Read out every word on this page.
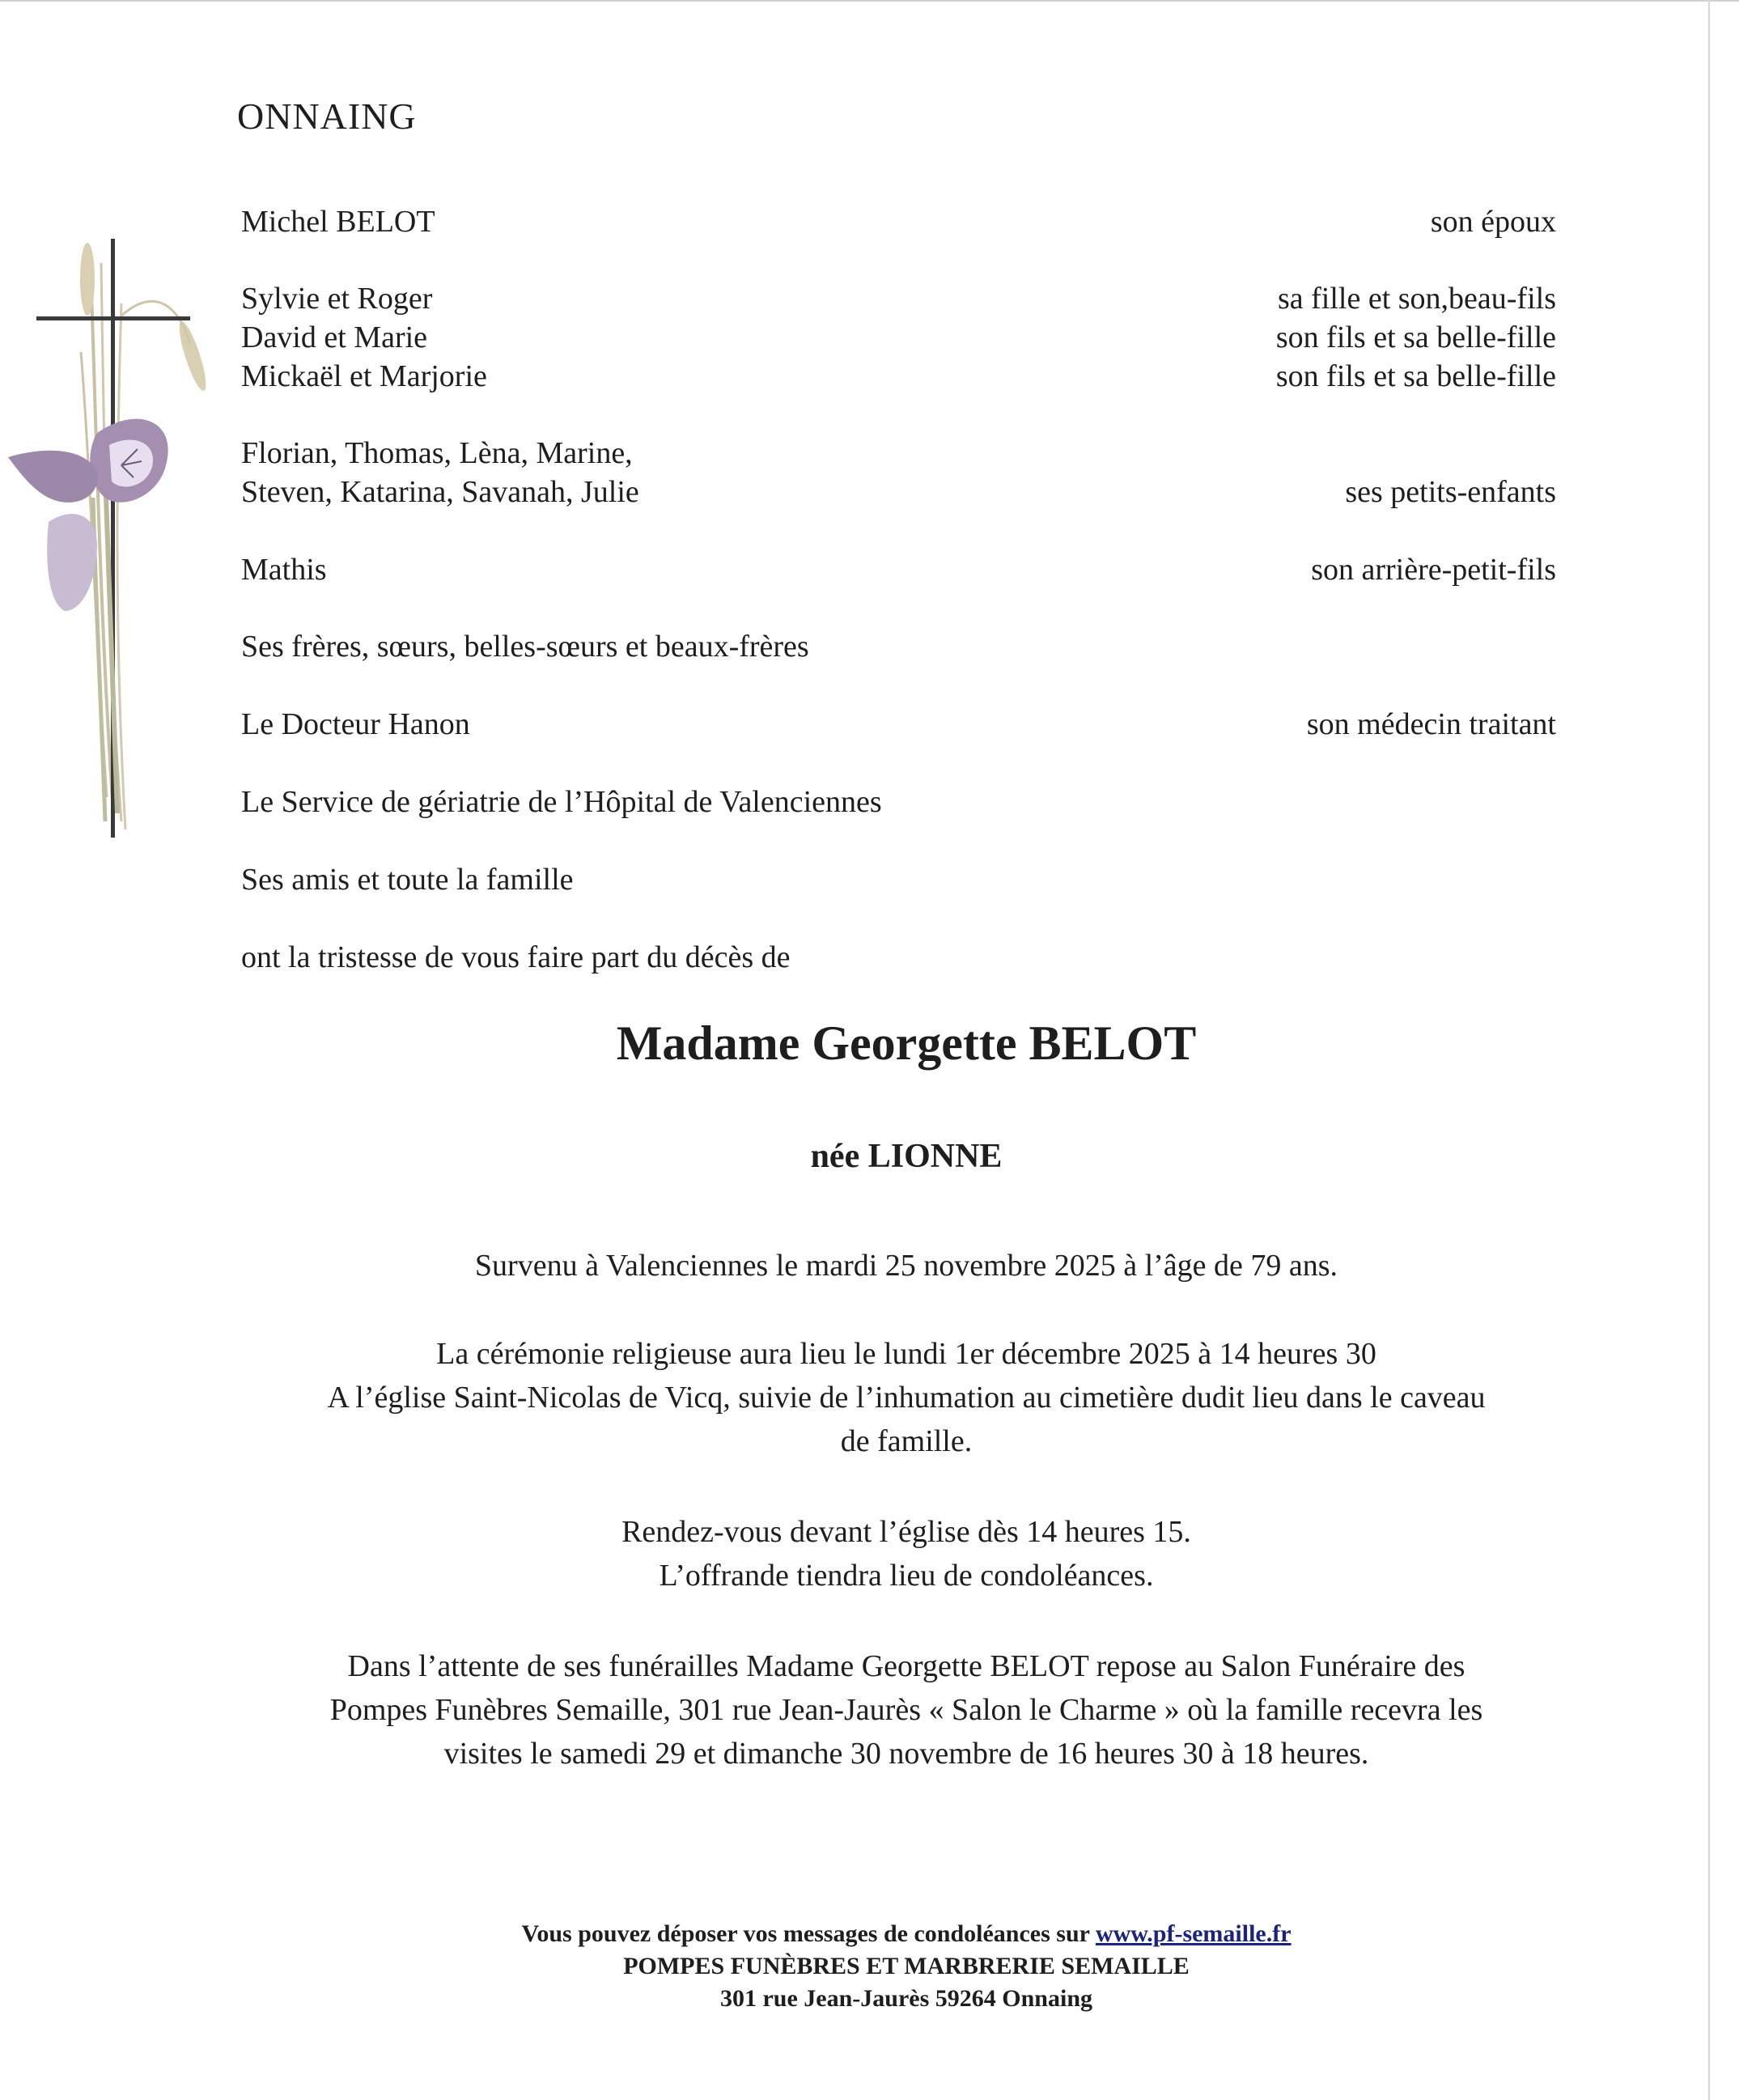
ONNAING
Michel BELOT	son époux
Sylvie et Roger	sa fille et son,beau-fils
David et Marie	son fils et sa belle-fille
Mickaël et Marjorie	son fils et sa belle-fille
Florian, Thomas, Lèna, Marine,
Steven, Katarina, Savanah, Julie	ses petits-enfants
Mathis	son arrière-petit-fils
Ses frères, sœurs, belles-sœurs et beaux-frères
Le Docteur Hanon	son médecin traitant
Le Service de gériatrie de l’Hôpital de Valenciennes
Ses amis et toute la famille
ont la tristesse de vous faire part du décès de
Madame Georgette BELOT
née LIONNE
Survenu à Valenciennes le mardi 25 novembre 2025 à l’âge de 79 ans.
La cérémonie religieuse aura lieu le lundi 1er décembre 2025 à 14 heures 30
A l’église Saint-Nicolas de Vicq, suivie de l’inhumation au cimetière dudit lieu dans le caveau
de famille.
Rendez-vous devant l’église dès 14 heures 15.
L’offrande tiendra lieu de condoléances.
Dans l’attente de ses funérailles Madame Georgette BELOT repose au Salon Funéraire des
Pompes Funèbres Semaille, 301 rue Jean-Jaurès « Salon le Charme » où la famille recevra les
visites le samedi 29 et dimanche 30 novembre de 16 heures 30 à 18 heures.
Vous pouvez déposer vos messages de condoléances sur www.pf-semaille.fr
POMPES FUNÈBRES ET MARBRERIE SEMAILLE
301 rue Jean-Jaurès 59264 Onnaing
